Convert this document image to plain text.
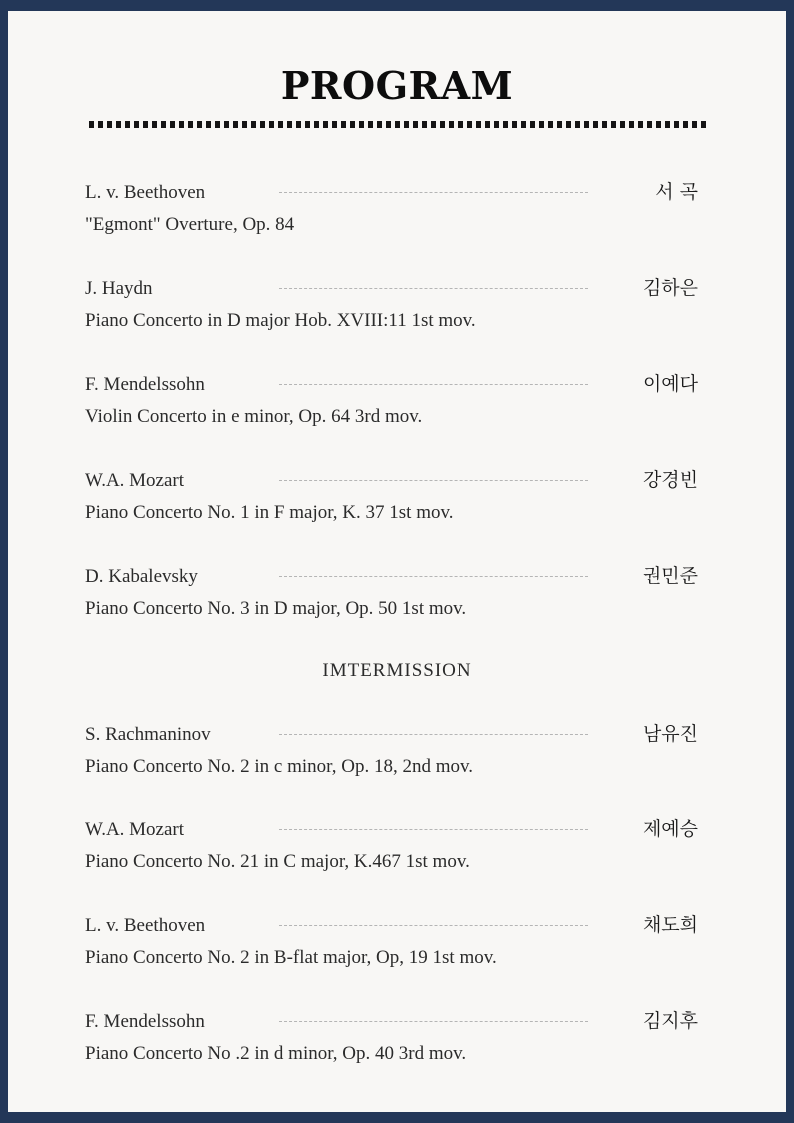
PROGRAM
L. v. Beethoven	서 곡
"Egmont" Overture, Op. 84
J. Haydn	김하은
Piano Concerto in D major Hob. XVIII:11 1st mov.
F. Mendelssohn	이예다
Violin Concerto in e minor, Op. 64 3rd mov.
W.A. Mozart	강경빈
Piano Concerto No. 1 in F major, K. 37 1st mov.
D. Kabalevsky	권민준
Piano Concerto No. 3 in D major, Op. 50 1st mov.
S. Rachmaninov	남유진
Piano Concerto No. 2 in c minor, Op. 18, 2nd mov.
W.A. Mozart	제예승
Piano Concerto No. 21 in C major, K.467 1st mov.
L. v. Beethoven	채도희
Piano Concerto No. 2 in B-flat major, Op, 19 1st mov.
F. Mendelssohn	김지후
Piano Concerto No .2 in d minor, Op. 40 3rd mov.
IMTERMISSION
